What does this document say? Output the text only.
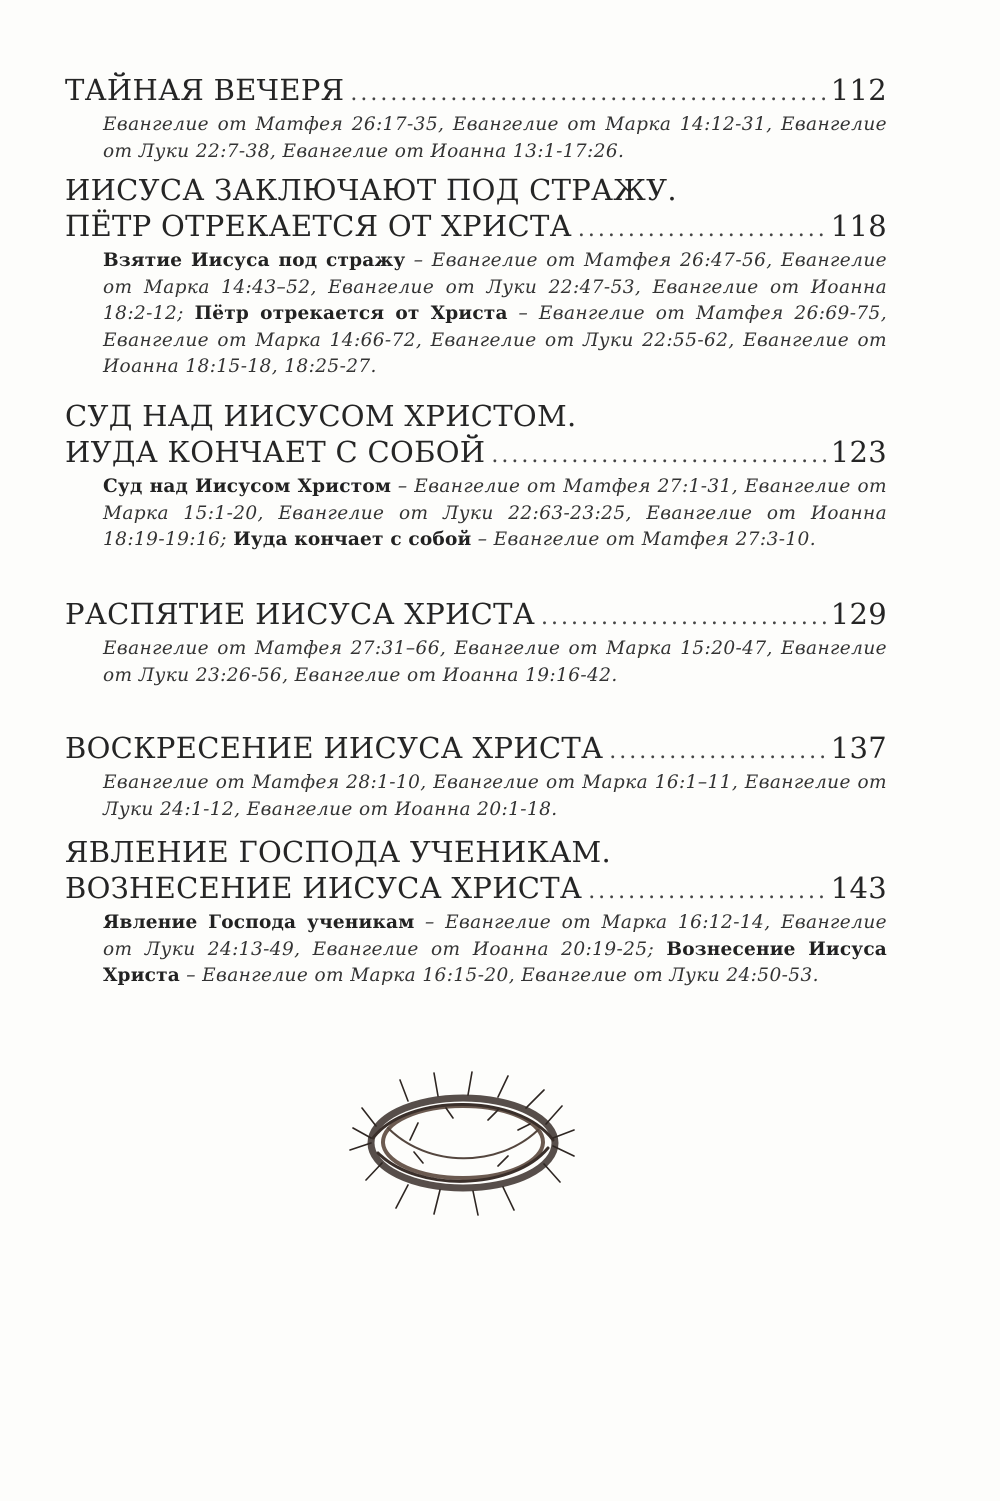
ТАЙНАЯ ВЕЧЕРЯ .....	112
Евангелие от Матфея 26:17-35, Евангелие от Марка 14:12-31, Евангелие от Луки 22:7-38, Евангелие от Иоанна 13:1-17:26.
ИИСУСА ЗАКЛЮЧАЮТ ПОД СТРАЖУ.
ПЁТР ОТРЕКАЕТСЯ ОТ ХРИСТА .....	118
Взятие Иисуса под стражу – Евангелие от Матфея 26:47-56, Евангелие от Марка 14:43–52, Евангелие от Луки 22:47-53, Евангелие от Иоанна 18:2-12; Пётр отрекается от Христа – Евангелие от Матфея 26:69-75, Евангелие от Марка 14:66-72, Евангелие от Луки 22:55-62, Евангелие от Иоанна 18:15-18, 18:25-27.
СУД НАД ИИСУСОМ ХРИСТОМ.
ИУДА КОНЧАЕТ С СОБОЙ .....	123
Суд над Иисусом Христом – Евангелие от Матфея 27:1-31, Евангелие от Марка 15:1-20, Евангелие от Луки 22:63-23:25, Евангелие от Иоанна 18:19-19:16; Иуда кончает с собой – Евангелие от Матфея 27:3-10.
РАСПЯТИЕ ИИСУСА ХРИСТА .....	129
Евангелие от Матфея 27:31–66, Евангелие от Марка 15:20-47, Евангелие от Луки 23:26-56, Евангелие от Иоанна 19:16-42.
ВОСКРЕСЕНИЕ ИИСУСА ХРИСТА .....	137
Евангелие от Матфея 28:1-10, Евангелие от Марка 16:1–11, Евангелие от Луки 24:1-12, Евангелие от Иоанна 20:1-18.
ЯВЛЕНИЕ ГОСПОДА УЧЕНИКАМ.
ВОЗНЕСЕНИЕ ИИСУСА ХРИСТА .....	143
Явление Господа ученикам – Евангелие от Марка 16:12-14, Евангелие от Луки 24:13-49, Евангелие от Иоанна 20:19-25; Вознесение Иисуса Христа – Евангелие от Марка 16:15-20, Евангелие от Луки 24:50-53.
